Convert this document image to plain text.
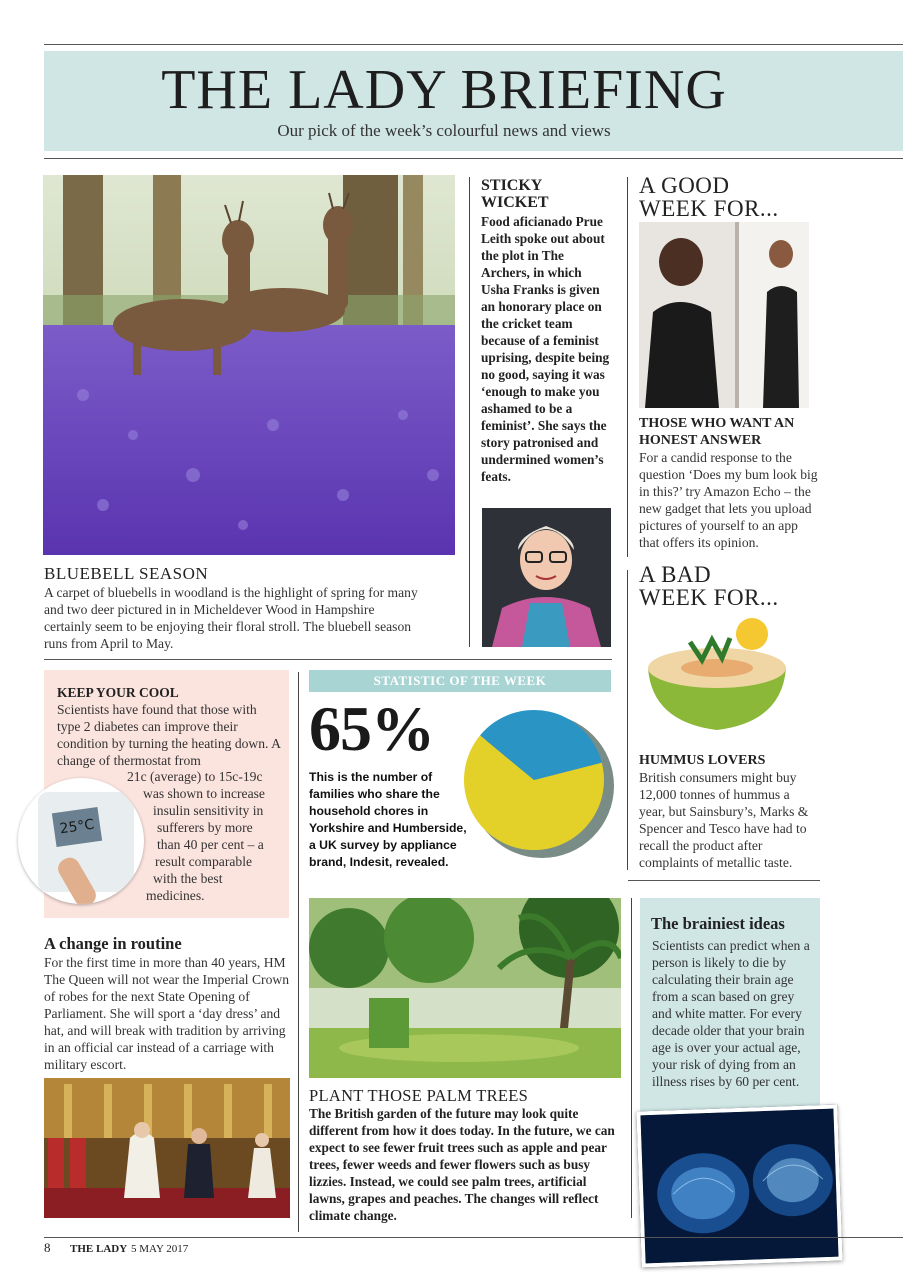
THE LADY BRIEFING
Our pick of the week’s colourful news and views
BLUEBELL SEASON
A carpet of bluebells in woodland is the highlight of spring for many and two deer pictured in in Micheldever Wood in Hampshire certainly seem to be enjoying their floral stroll. The bluebell season runs from April to May.
STICKY
WICKET
Food aficianado Prue Leith spoke out about the plot in The Archers, in which Usha Franks is given an honorary place on the cricket team because of a feminist uprising, despite being no good, saying it was ‘enough to make you ashamed to be a feminist’. She says the story patronised and undermined women’s feats.
A GOOD
WEEK FOR...
THOSE WHO WANT AN
HONEST ANSWER
For a candid response to the question ‘Does my bum look big in this?’ try Amazon Echo – the new gadget that lets you upload pictures of yourself to an app that offers its opinion.
A BAD
WEEK FOR...
HUMMUS LOVERS
British consumers might buy 12,000 tonnes of hummus a year, but Sainsbury’s, Marks & Spencer and Tesco have had to recall the product after complaints of metallic taste.
KEEP YOUR COOL
Scientists have found that those with type 2 diabetes can improve their condition by turning the heating down. A change of thermostat from
25°C
21c (average) to 15c-19c
was shown to increase
insulin sensitivity in
sufferers by more
than 40 per cent – a
result comparable
with the best
medicines.
STATISTIC OF THE WEEK
65%
This is the number of families who share the household chores in Yorkshire and Humberside, a UK survey by appliance brand, Indesit, revealed.
A change in routine
For the first time in more than 40 years, HM The Queen will not wear the Imperial Crown of robes for the next State Opening of Parliament. She will sport a ‘day dress’ and hat, and will break with tradition by arriving in an official car instead of a carriage with military escort.
PLANT THOSE PALM TREES
The British garden of the future may look quite different from how it does today. In the future, we can expect to see fewer fruit trees such as apple and pear trees, fewer weeds and fewer flowers such as busy lizzies. Instead, we could see palm trees, artificial lawns, grapes and peaches. The changes will reflect climate change.
The brainiest ideas
Scientists can predict when a person is likely to die by calculating their brain age from a scan based on grey and white matter. For every decade older that your brain age is over your actual age, your risk of dying from an illness rises by 60 per cent.
8 THE LADY 5 MAY 2017
